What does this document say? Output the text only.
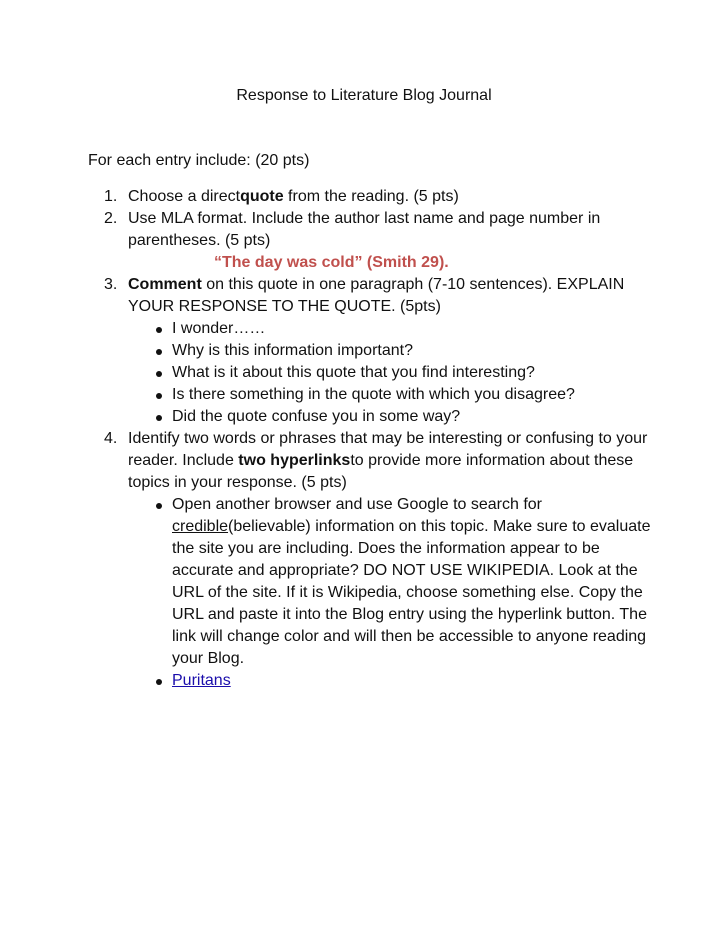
Response to Literature Blog Journal
For each entry include: (20 pts)
1. Choose a directquote from the reading. (5 pts)
2. Use MLA format. Include the author last name and page number in parentheses. (5 pts)
“The day was cold” (Smith 29).
3. Comment on this quote in one paragraph (7-10 sentences). EXPLAIN YOUR RESPONSE TO THE QUOTE. (5pts)
I wonder……
Why is this information important?
What is it about this quote that you find interesting?
Is there something in the quote with which you disagree?
Did the quote confuse you in some way?
4. Identify two words or phrases that may be interesting or confusing to your reader. Include two hyperlinksto provide more information about these topics in your response. (5 pts)
Open another browser and use Google to search for credible(believable) information on this topic. Make sure to evaluate the site you are including. Does the information appear to be accurate and appropriate? DO NOT USE WIKIPEDIA. Look at the URL of the site. If it is Wikipedia, choose something else. Copy the URL and paste it into the Blog entry using the hyperlink button. The link will change color and will then be accessible to anyone reading your Blog.
Puritans
